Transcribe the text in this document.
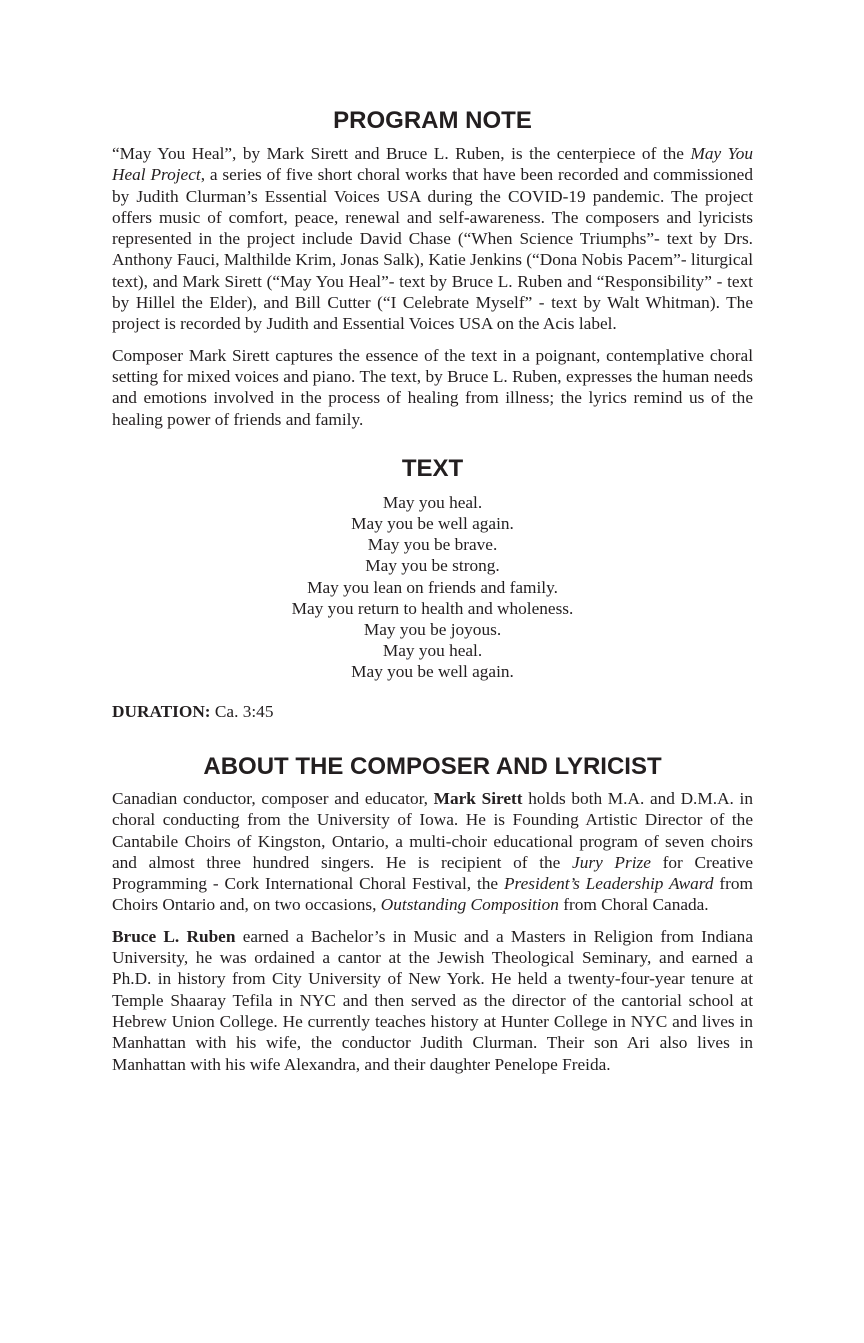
PROGRAM NOTE

“May You Heal”, by Mark Sirett and Bruce L. Ruben, is the centerpiece of the May You Heal Project, a series of five short choral works that have been recorded and commissioned by Judith Clurman’s Essential Voices USA during the COVID-19 pandemic. The project offers music of comfort, peace, renewal and self-awareness. The composers and lyricists represented in the project include David Chase (“When Science Triumphs”- text by Drs. Anthony Fauci, Malthilde Krim, Jonas Salk), Katie Jenkins (“Dona Nobis Pacem”- liturgical text), and Mark Sirett (“May You Heal”- text by Bruce L. Ruben and “Responsibility” - text by Hillel the Elder), and Bill Cutter (“I Celebrate Myself” - text by Walt Whitman). The project is recorded by Judith and Essential Voices USA on the Acis label.

Composer Mark Sirett captures the essence of the text in a poignant, contemplative choral setting for mixed voices and piano. The text, by Bruce L. Ruben, expresses the human needs and emotions involved in the process of healing from illness; the lyrics remind us of the healing power of friends and family.

TEXT
May you heal.
May you be well again.
May you be brave.
May you be strong.
May you lean on friends and family.
May you return to health and wholeness.
May you be joyous.
May you heal.
May you be well again.

DURATION: Ca. 3:45

ABOUT THE COMPOSER AND LYRICIST

Canadian conductor, composer and educator, Mark Sirett holds both M.A. and D.M.A. in choral conducting from the University of Iowa. He is Founding Artistic Director of the Cantabile Choirs of Kingston, Ontario, a multi-choir educational program of seven choirs and almost three hundred singers. He is recipient of the Jury Prize for Creative Programming - Cork International Choral Festival, the President’s Leadership Award from Choirs Ontario and, on two occasions, Outstanding Composition from Choral Canada.

Bruce L. Ruben earned a Bachelor’s in Music and a Masters in Religion from Indiana University, he was ordained a cantor at the Jewish Theological Seminary, and earned a Ph.D. in history from City University of New York. He held a twenty-four-year tenure at Temple Shaaray Tefila in NYC and then served as the director of the cantorial school at Hebrew Union College. He currently teaches history at Hunter College in NYC and lives in Manhattan with his wife, the conductor Judith Clurman. Their son Ari also lives in Manhattan with his wife Alexandra, and their daughter Penelope Freida.
